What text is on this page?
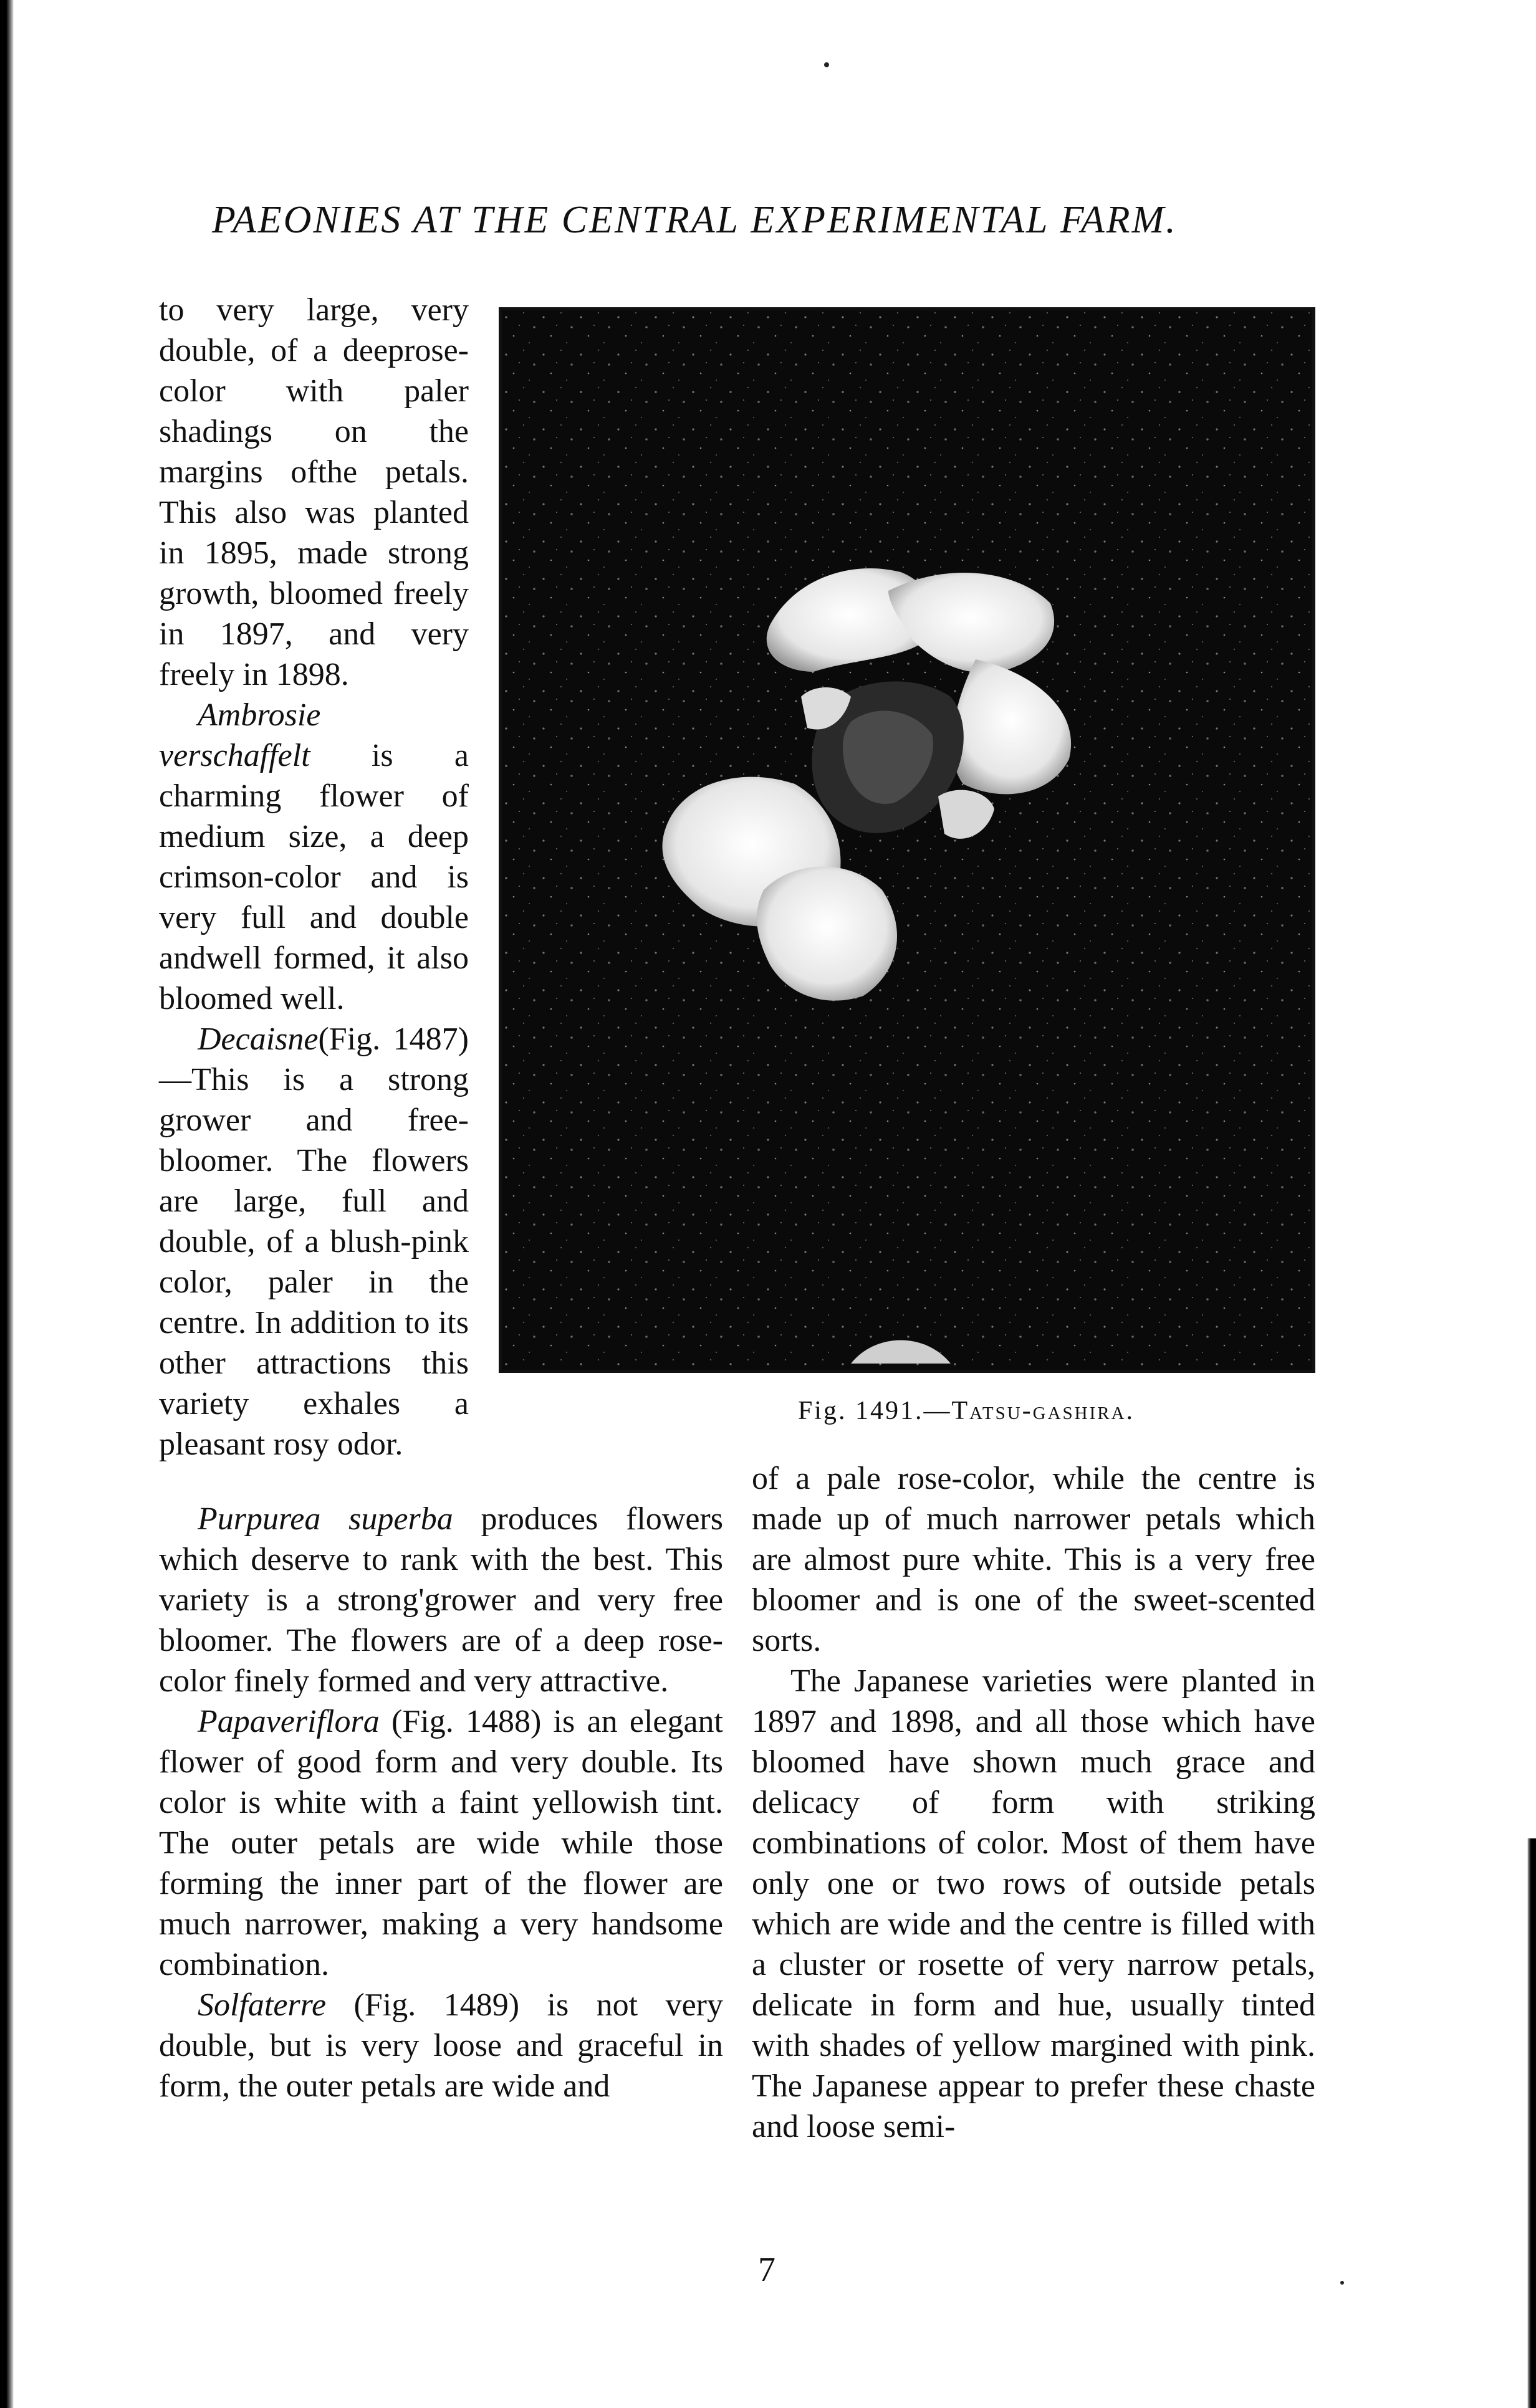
PAEONIES AT THE CENTRAL EXPERIMENTAL FARM.

to very large, very double, of a deeprose-color with paler shadings on the margins ofthe petals. This also was planted in 1895, made strong growth, bloomed freely in 1897, and very freely in 1898.

Ambrosie verschaffelt is a charming flower of medium size, a deep crimson-color and is very full and double andwell formed, it also bloomed well.

Decaisne(Fig. 1487) —This is a strong grower and free-bloomer. The flowers are large, full and double, of a blush-pink color, paler in the centre. In addition to its other attractions this variety exhales a pleasant rosy odor.

Fig. 1491.—Tatsu-gashira.

Purpurea superba produces flowers which deserve to rank with the best. This variety is a strong'grower and very free bloomer. The flowers are of a deep rose-color finely formed and very attractive.

Papaveriflora (Fig. 1488) is an elegant flower of good form and very double. Its color is white with a faint yellowish tint. The outer petals are wide while those forming the inner part of the flower are much narrower, making a very handsome combination.

Solfaterre (Fig. 1489) is not very double, but is very loose and graceful in form, the outer petals are wide and

of a pale rose-color, while the centre is made up of much narrower petals which are almost pure white. This is a very free bloomer and is one of the sweet-scented sorts.

The Japanese varieties were planted in 1897 and 1898, and all those which have bloomed have shown much grace and delicacy of form with striking combinations of color. Most of them have only one or two rows of outside petals which are wide and the centre is filled with a cluster or rosette of very narrow petals, delicate in form and hue, usually tinted with shades of yellow margined with pink. The Japanese appear to prefer these chaste and loose semi-

7
